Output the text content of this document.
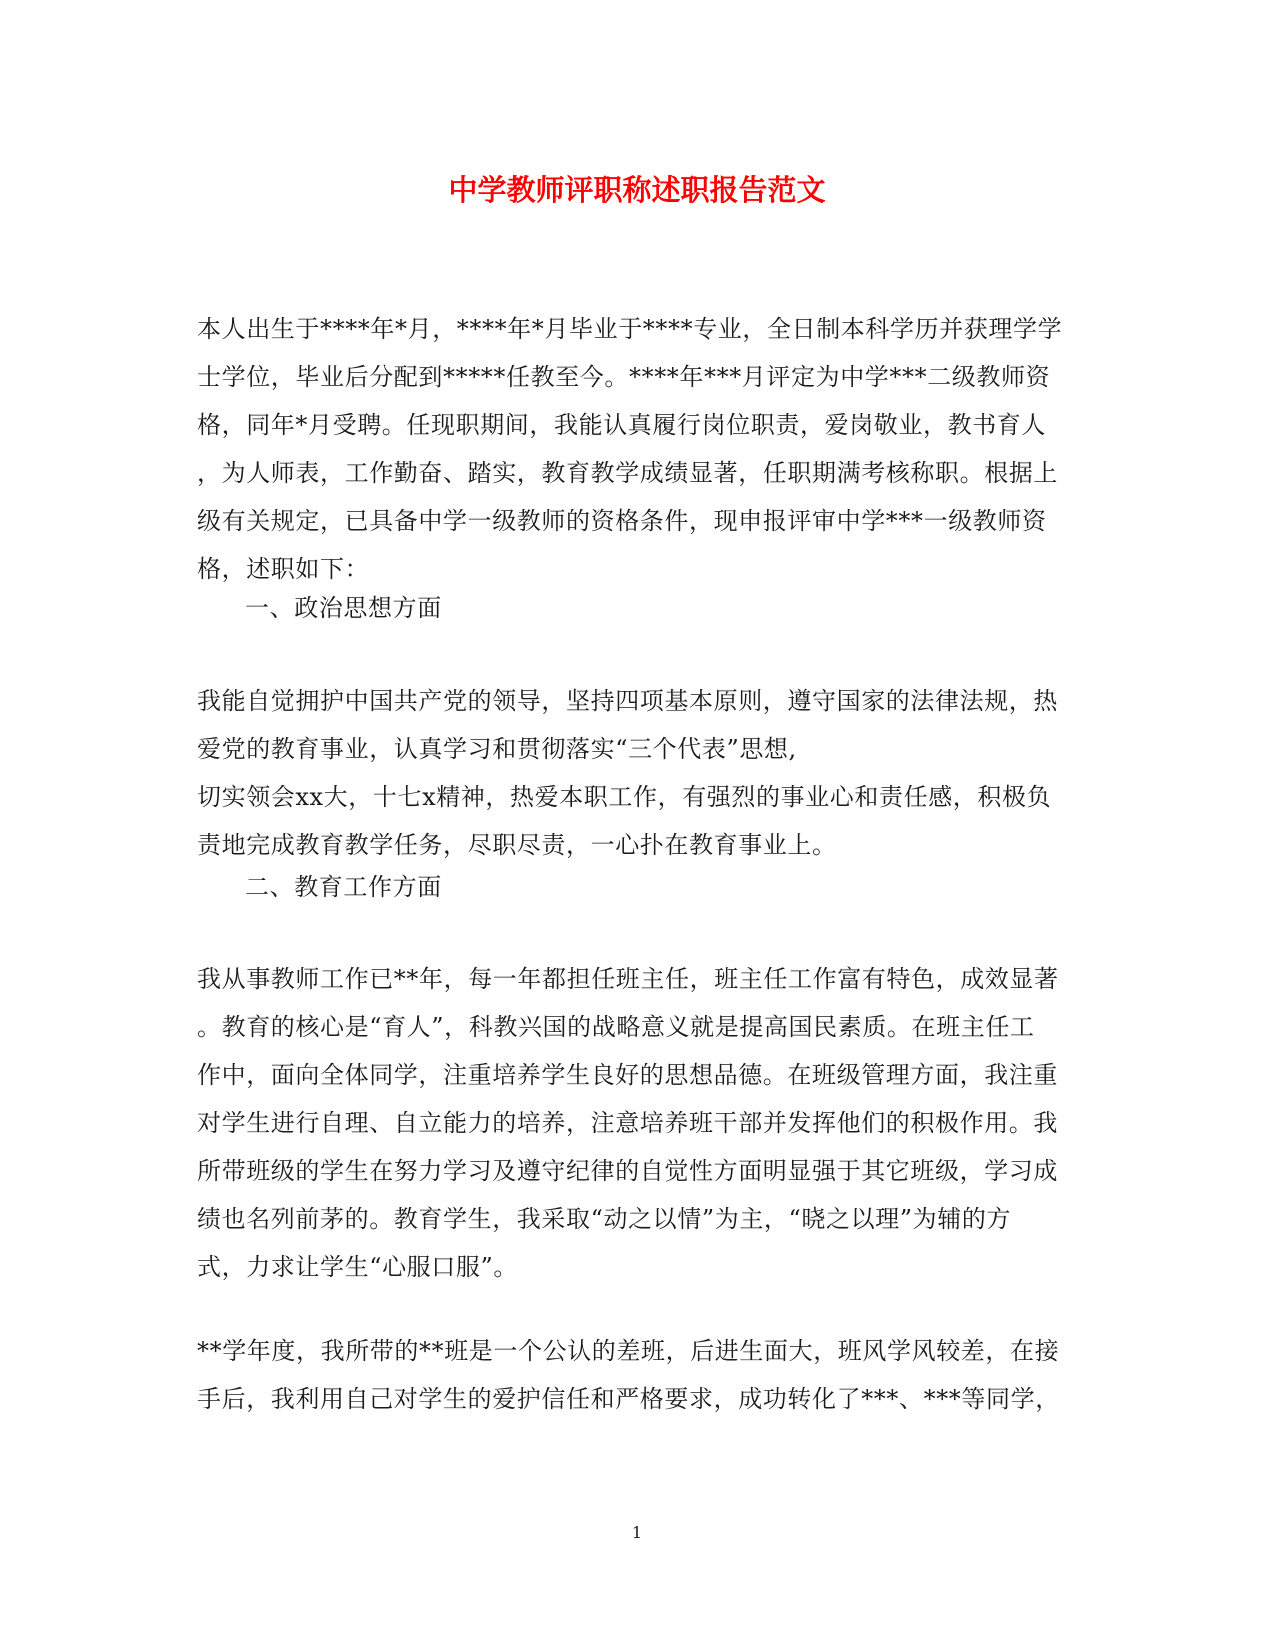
中学教师评职称述职报告范文
本人出生于****年*月，****年*月毕业于****专业，全日制本科学历并获理学学
士学位，毕业后分配到*****任教至今。****年***月评定为中学***二级教师资
格，同年*月受聘。任现职期间，我能认真履行岗位职责，爱岗敬业，教书育人
，为人师表，工作勤奋、踏实，教育教学成绩显著，任职期满考核称职。根据上
级有关规定，已具备中学一级教师的资格条件，现申报评审中学***一级教师资
格，述职如下：

一、政治思想方面

我能自觉拥护中国共产党的领导，坚持四项基本原则，遵守国家的法律法规，热
爱党的教育事业，认真学习和贯彻落实“三个代表”思想,
切实领会xx大，十七x精神，热爱本职工作，有强烈的事业心和责任感，积极负
责地完成教育教学任务，尽职尽责，一心扑在教育事业上。

二、教育工作方面

我从事教师工作已**年，每一年都担任班主任，班主任工作富有特色，成效显著
。教育的核心是“育人”，科教兴国的战略意义就是提高国民素质。在班主任工
作中，面向全体同学，注重培养学生良好的思想品德。在班级管理方面，我注重
对学生进行自理、自立能力的培养，注意培养班干部并发挥他们的积极作用。我
所带班级的学生在努力学习及遵守纪律的自觉性方面明显强于其它班级，学习成
绩也名列前茅的。教育学生，我采取“动之以情”为主，“晓之以理”为辅的方
式，力求让学生“心服口服”。
**学年度，我所带的**班是一个公认的差班，后进生面大，班风学风较差，在接
手后，我利用自己对学生的爱护信任和严格要求，成功转化了***、***等同学，
1
